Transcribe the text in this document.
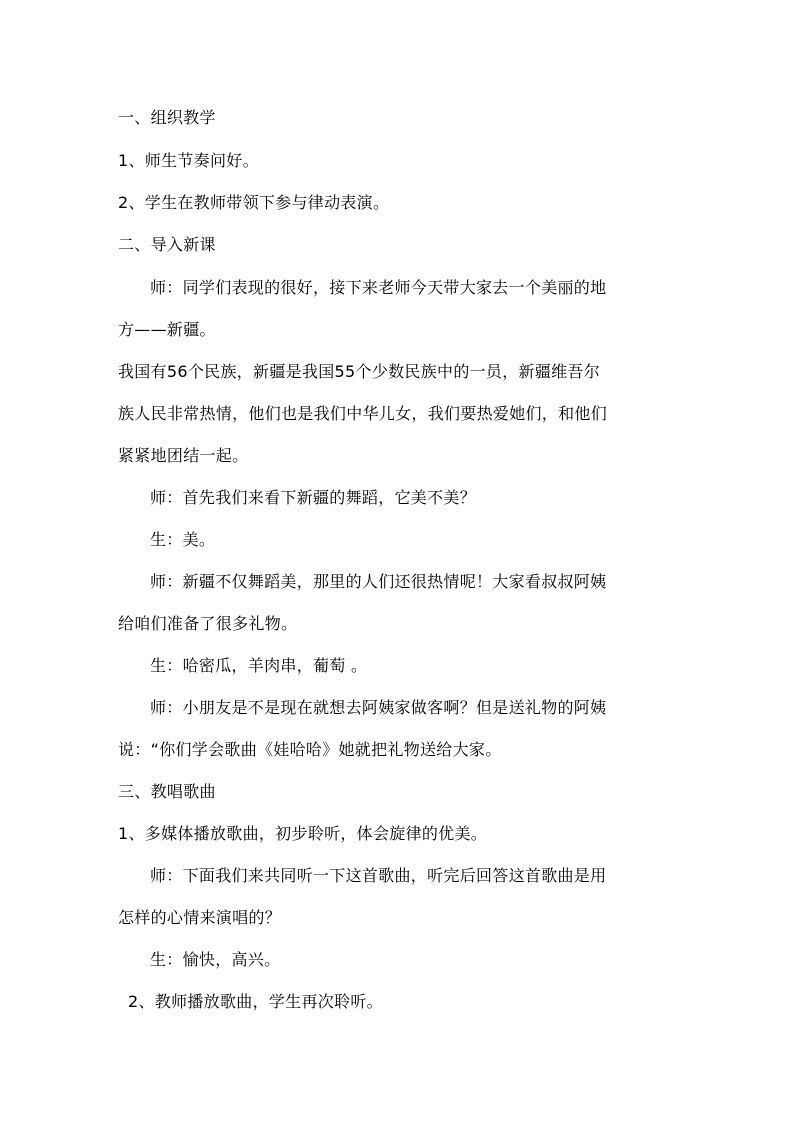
一、组织教学
1、师生节奏问好。
2、学生在教师带领下参与律动表演。
二、导入新课
师：同学们表现的很好，接下来老师今天带大家去一个美丽的地
方——新疆。
我国有56个民族，新疆是我国55个少数民族中的一员，新疆维吾尔
族人民非常热情，他们也是我们中华儿女，我们要热爱她们，和他们
紧紧地团结一起。
师：首先我们来看下新疆的舞蹈，它美不美？
生：美。
师：新疆不仅舞蹈美，那里的人们还很热情呢！大家看叔叔阿姨
给咱们准备了很多礼物。
生：哈密瓜，羊肉串，葡萄 。
师：小朋友是不是现在就想去阿姨家做客啊？但是送礼物的阿姨
说：“你们学会歌曲《娃哈哈》她就把礼物送给大家。
三、教唱歌曲
1、多媒体播放歌曲，初步聆听，体会旋律的优美。
师：下面我们来共同听一下这首歌曲，听完后回答这首歌曲是用
怎样的心情来演唱的？
生：愉快，高兴。
2、教师播放歌曲，学生再次聆听。
